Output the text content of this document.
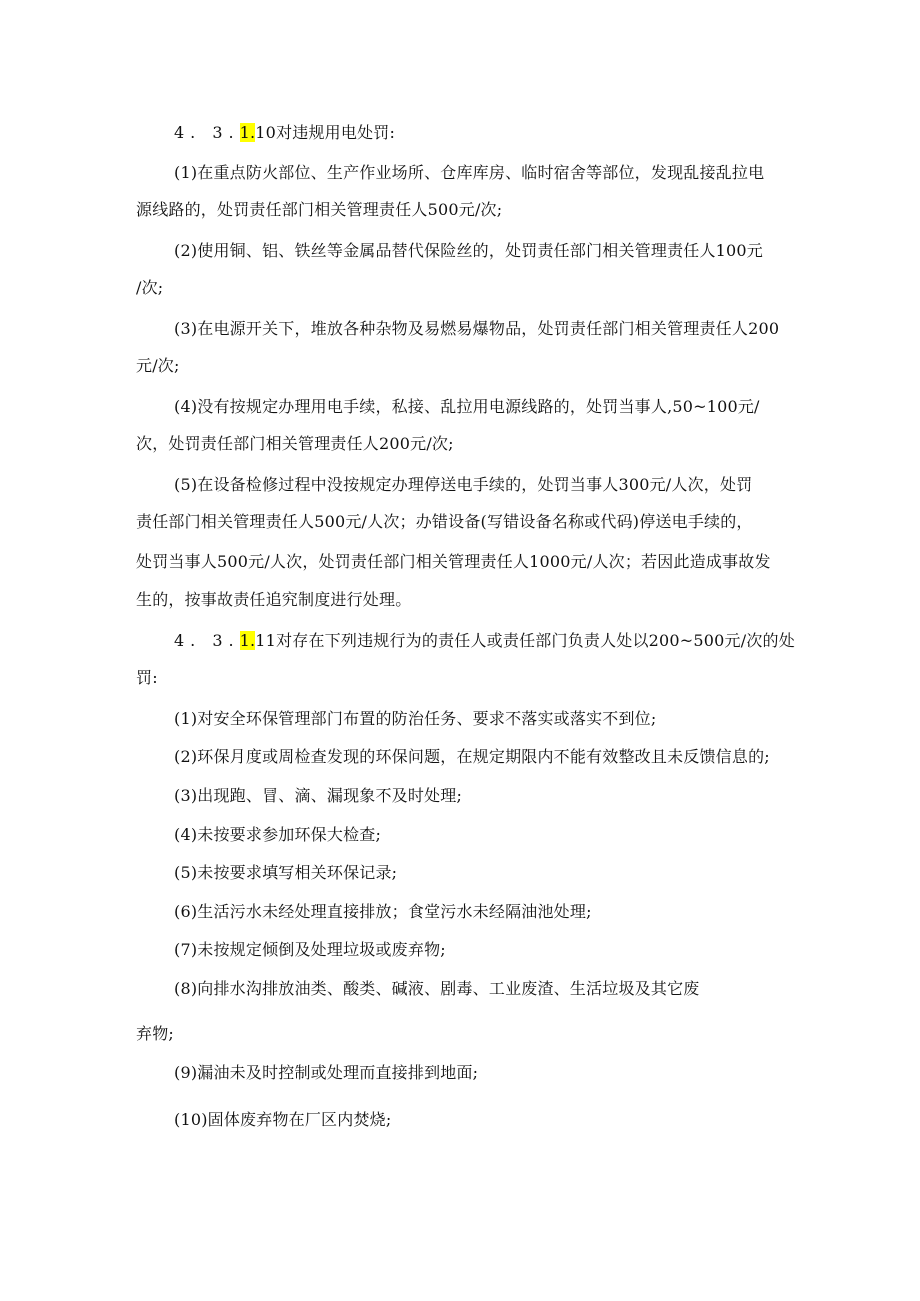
4. 3.1.10对违规用电处罚:
(1)在重点防火部位、生产作业场所、仓库库房、临时宿舍等部位，发现乱接乱拉电
源线路的，处罚责任部门相关管理责任人500元/次;
(2)使用铜、铝、铁丝等金属品替代保险丝的，处罚责任部门相关管理责任人100元
/次;
(3)在电源开关下，堆放各种杂物及易燃易爆物品，处罚责任部门相关管理责任人200
元/次;
(4)没有按规定办理用电手续，私接、乱拉用电源线路的，处罚当事人,50~100元/
次，处罚责任部门相关管理责任人200元/次;
(5)在设备检修过程中没按规定办理停送电手续的，处罚当事人300元/人次，处罚
责任部门相关管理责任人500元/人次；办错设备(写错设备名称或代码)停送电手续的，
处罚当事人500元/人次，处罚责任部门相关管理责任人1000元/人次；若因此造成事故发
生的，按事故责任追究制度进行处理。
4. 3.1.11对存在下列违规行为的责任人或责任部门负责人处以200~500元/次的处
罚:
(1)对安全环保管理部门布置的防治任务、要求不落实或落实不到位;
(2)环保月度或周检查发现的环保问题，在规定期限内不能有效整改且未反馈信息的;
(3)出现跑、冒、滴、漏现象不及时处理;
(4)未按要求参加环保大检查;
(5)未按要求填写相关环保记录;
(6)生活污水未经处理直接排放；食堂污水未经隔油池处理;
(7)未按规定倾倒及处理垃圾或废弃物;
(8)向排水沟排放油类、酸类、碱液、剧毒、工业废渣、生活垃圾及其它废
弃物;
(9)漏油未及时控制或处理而直接排到地面;
(10)固体废弃物在厂区内焚烧;
